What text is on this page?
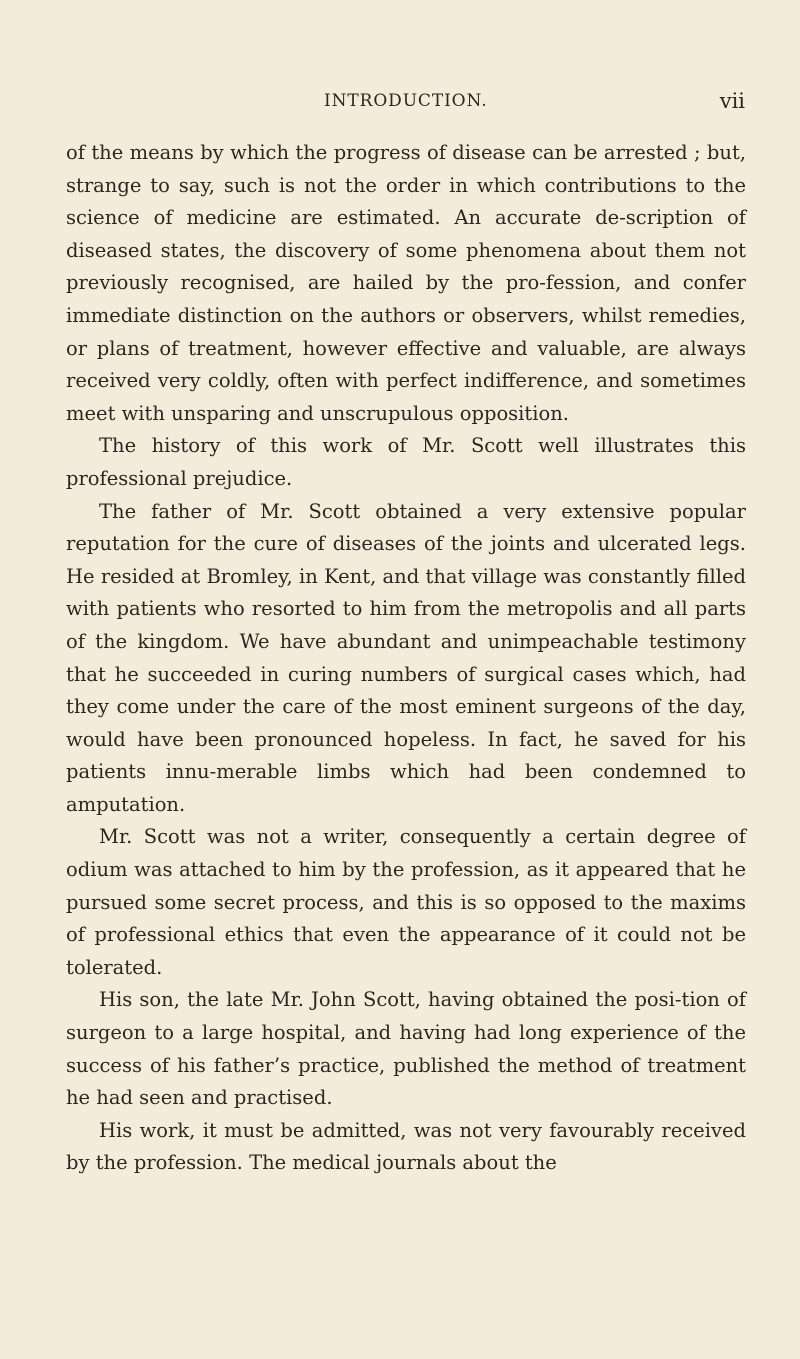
INTRODUCTION.	vii

of the means by which the progress of disease can be arrested ; but, strange to say, such is not the order in which contributions to the science of medicine are estimated. An accurate de-scription of diseased states, the discovery of some phenomena about them not previously recognised, are hailed by the pro-fession, and confer immediate distinction on the authors or observers, whilst remedies, or plans of treatment, however effective and valuable, are always received very coldly, often with perfect indifference, and sometimes meet with unsparing and unscrupulous opposition.

The history of this work of Mr. Scott well illustrates this professional prejudice.

The father of Mr. Scott obtained a very extensive popular reputation for the cure of diseases of the joints and ulcerated legs. He resided at Bromley, in Kent, and that village was constantly filled with patients who resorted to him from the metropolis and all parts of the kingdom. We have abundant and unimpeachable testimony that he succeeded in curing numbers of surgical cases which, had they come under the care of the most eminent surgeons of the day, would have been pronounced hopeless. In fact, he saved for his patients innu-merable limbs which had been condemned to amputation.

Mr. Scott was not a writer, consequently a certain degree of odium was attached to him by the profession, as it appeared that he pursued some secret process, and this is so opposed to the maxims of professional ethics that even the appearance of it could not be tolerated.

His son, the late Mr. John Scott, having obtained the posi-tion of surgeon to a large hospital, and having had long experience of the success of his father’s practice, published the method of treatment he had seen and practised.

His work, it must be admitted, was not very favourably received by the profession. The medical journals about the
